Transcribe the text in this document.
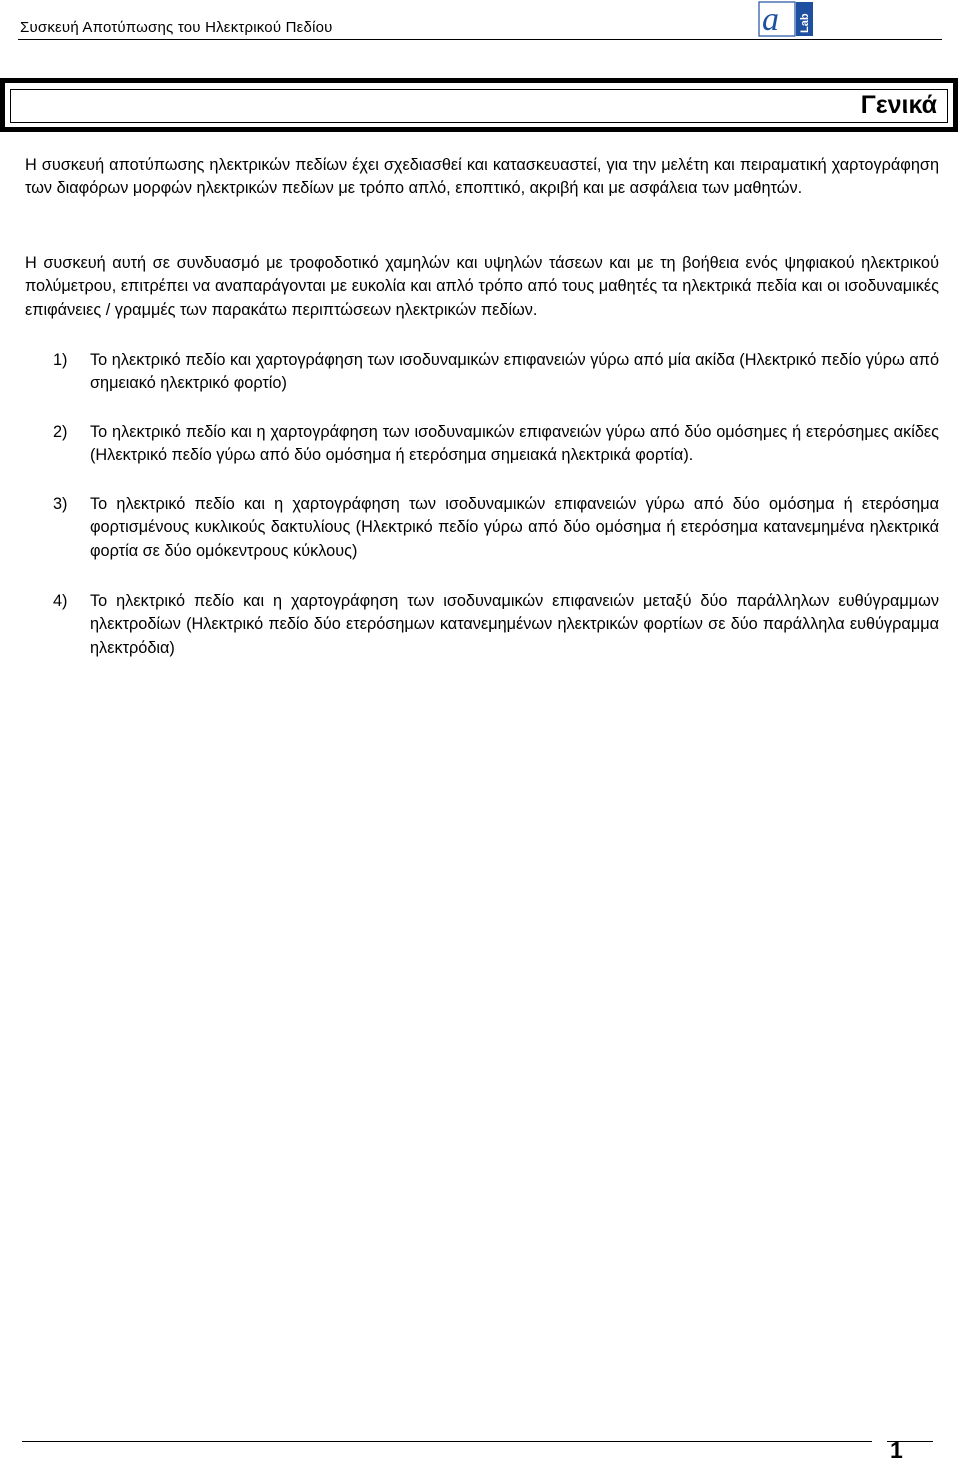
Συσκευή Αποτύπωσης του Ηλεκτρικού Πεδίου	a Lab
Γενικά

Η συσκευή αποτύπωσης ηλεκτρικών πεδίων έχει σχεδιασθεί και κατασκευαστεί, για την μελέτη και πειραματική χαρτογράφηση των διαφόρων μορφών ηλεκτρικών πεδίων με τρόπο απλό, εποπτικό, ακριβή και με ασφάλεια των μαθητών.

Η συσκευή αυτή σε συνδυασμό με τροφοδοτικό χαμηλών και υψηλών τάσεων και με τη βοήθεια ενός ψηφιακού ηλεκτρικού πολύμετρου, επιτρέπει να αναπαράγονται με ευκολία και απλό τρόπο από τους μαθητές τα ηλεκτρικά πεδία και οι ισοδυναμικές επιφάνειες / γραμμές των παρακάτω περιπτώσεων ηλεκτρικών πεδίων.

1) Το ηλεκτρικό πεδίο και χαρτογράφηση των ισοδυναμικών επιφανειών γύρω από μία ακίδα (Ηλεκτρικό πεδίο γύρω από σημειακό ηλεκτρικό φορτίο)
2) Το ηλεκτρικό πεδίο και η χαρτογράφηση των ισοδυναμικών επιφανειών γύρω από δύο ομόσημες ή ετερόσημες ακίδες (Ηλεκτρικό πεδίο γύρω από δύο ομόσημα ή ετερόσημα σημειακά ηλεκτρικά φορτία).
3) Το ηλεκτρικό πεδίο και η χαρτογράφηση των ισοδυναμικών επιφανειών γύρω από δύο ομόσημα ή ετερόσημα φορτισμένους κυκλικούς δακτυλίους (Ηλεκτρικό πεδίο γύρω από δύο ομόσημα ή ετερόσημα κατανεμημένα ηλεκτρικά φορτία σε δύο ομόκεντρους κύκλους)
4) Το ηλεκτρικό πεδίο και η χαρτογράφηση των ισοδυναμικών επιφανειών μεταξύ δύο παράλληλων ευθύγραμμων ηλεκτροδίων (Ηλεκτρικό πεδίο δύο ετερόσημων κατανεμημένων ηλεκτρικών φορτίων σε δύο παράλληλα ευθύγραμμα ηλεκτρόδια)
1
